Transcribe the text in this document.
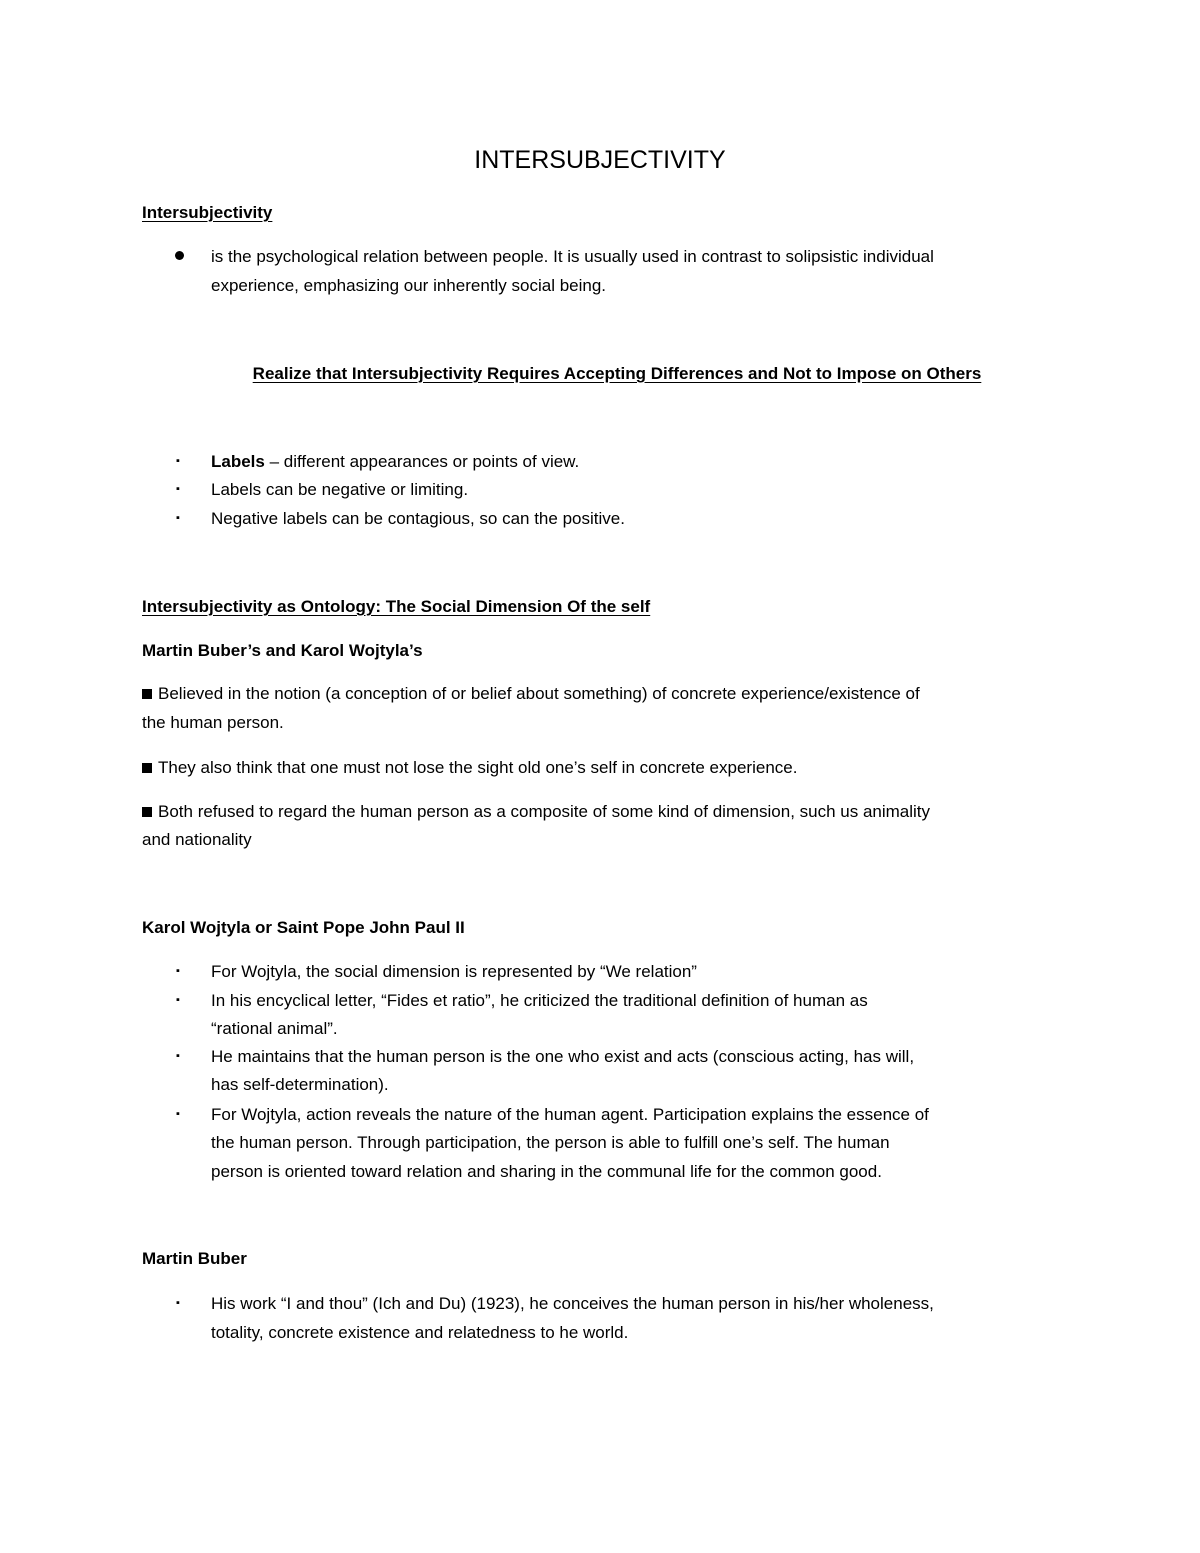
INTERSUBJECTIVITY
Intersubjectivity
is the psychological relation between people. It is usually used in contrast to solipsistic individual
experience, emphasizing our inherently social being.
Realize that Intersubjectivity Requires Accepting Differences and Not to Impose on Others
▪ Labels – different appearances or points of view.
▪ Labels can be negative or limiting.
▪ Negative labels can be contagious, so can the positive.
Intersubjectivity as Ontology: The Social Dimension Of the self
Martin Buber’s and Karol Wojtyla’s
Believed in the notion (a conception of or belief about something) of concrete experience/existence of
the human person.
They also think that one must not lose the sight old one’s self in concrete experience.
Both refused to regard the human person as a composite of some kind of dimension, such us animality
and nationality
Karol Wojtyla or Saint Pope John Paul II
▪ For Wojtyla, the social dimension is represented by “We relation”
▪ In his encyclical letter, “Fides et ratio”, he criticized the traditional definition of human as
“rational animal”.
▪ He maintains that the human person is the one who exist and acts (conscious acting, has will,
has self-determination).
▪ For Wojtyla, action reveals the nature of the human agent. Participation explains the essence of
the human person. Through participation, the person is able to fulfill one’s self. The human
person is oriented toward relation and sharing in the communal life for the common good.
Martin Buber
▪ His work “I and thou” (Ich and Du) (1923), he conceives the human person in his/her wholeness,
totality, concrete existence and relatedness to he world.
